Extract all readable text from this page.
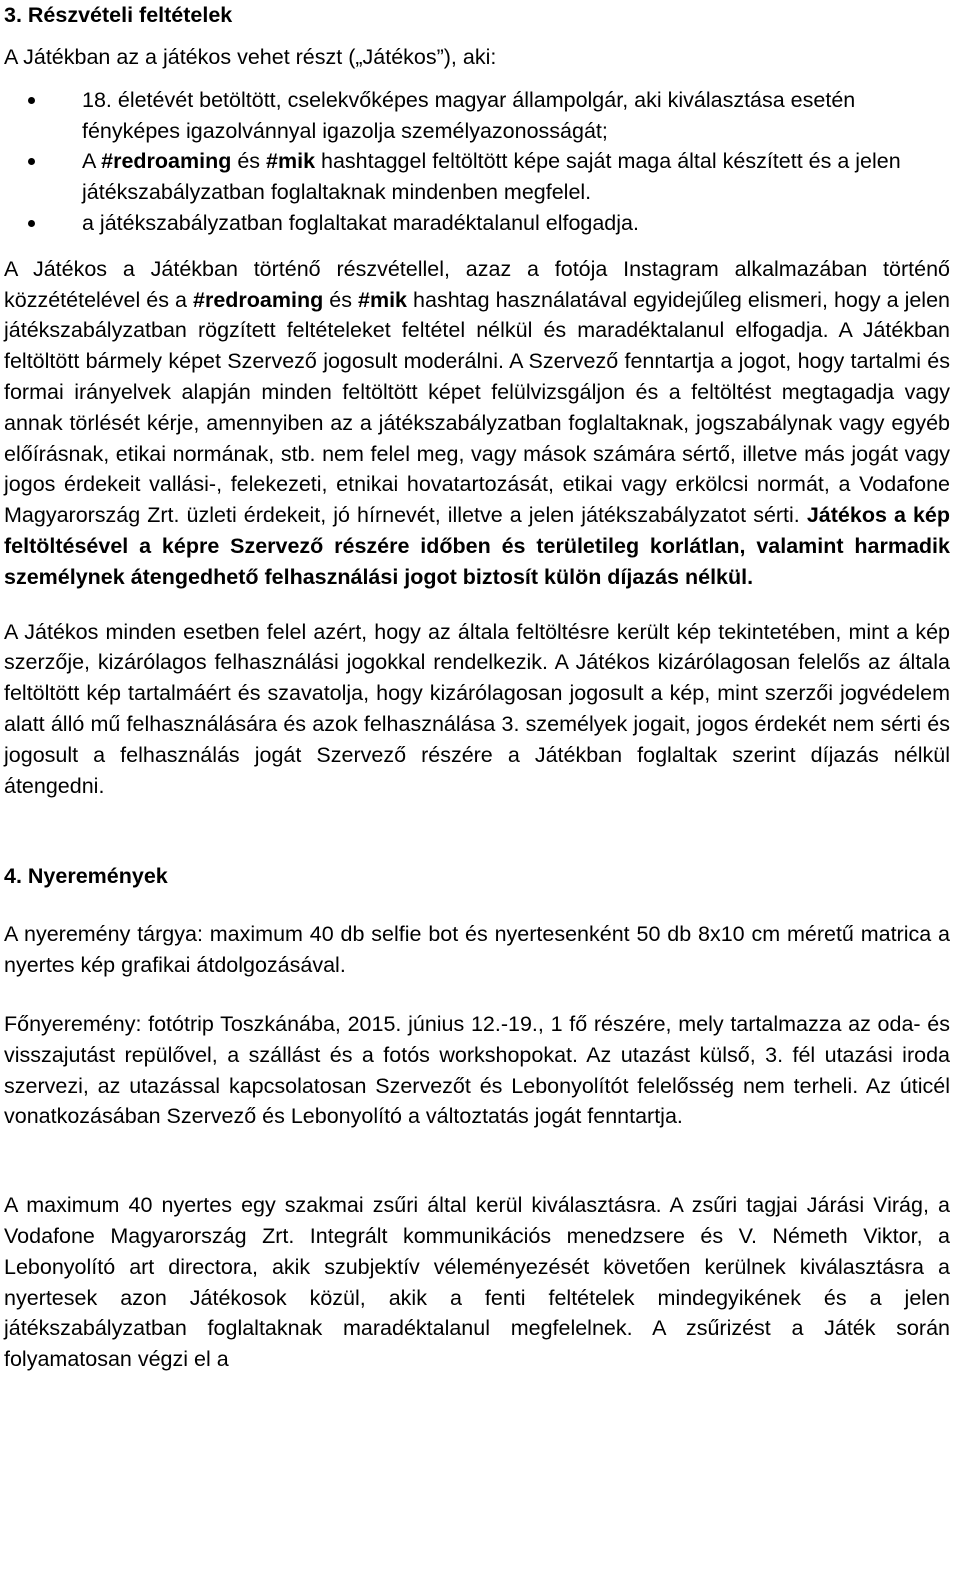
3. Részvételi feltételek

A Játékban az a játékos vehet részt („Játékos”), aki:

18. életévét betöltött, cselekvőképes magyar állampolgár, aki kiválasztása esetén fényképes igazolvánnyal igazolja személyazonosságát;
A #redroaming és #mik hashtaggel feltöltött képe saját maga által készített és a jelen játékszabályzatban foglaltaknak mindenben megfelel.
a játékszabályzatban foglaltakat maradéktalanul elfogadja.

A Játékos a Játékban történő részvétellel, azaz a fotója Instagram alkalmazában történő közzétételével és a #redroaming és #mik hashtag használatával egyidejűleg elismeri, hogy a jelen játékszabályzatban rögzített feltételeket feltétel nélkül és maradéktalanul elfogadja. A Játékban feltöltött bármely képet Szervező jogosult moderálni. A Szervező fenntartja a jogot, hogy tartalmi és formai irányelvek alapján minden feltöltött képet felülvizsgáljon és a feltöltést megtagadja vagy annak törlését kérje, amennyiben az a játékszabályzatban foglaltaknak, jogszabálynak vagy egyéb előírásnak, etikai normának, stb. nem felel meg, vagy mások számára sértő, illetve más jogát vagy jogos érdekeit vallási-, felekezeti, etnikai hovatartozását, etikai vagy erkölcsi normát, a Vodafone Magyarország Zrt. üzleti érdekeit, jó hírnevét, illetve a jelen játékszabályzatot sérti. Játékos a kép feltöltésével a képre Szervező részére időben és területileg korlátlan, valamint harmadik személynek átengedhető felhasználási jogot biztosít külön díjazás nélkül.

A Játékos minden esetben felel azért, hogy az általa feltöltésre került kép tekintetében, mint a kép szerzője, kizárólagos felhasználási jogokkal rendelkezik. A Játékos kizárólagosan felelős az általa feltöltött kép tartalmáért és szavatolja, hogy kizárólagosan jogosult a kép, mint szerzői jogvédelem alatt álló mű felhasználására és azok felhasználása 3. személyek jogait, jogos érdekét nem sérti és jogosult a felhasználás jogát Szervező részére a Játékban foglaltak szerint díjazás nélkül átengedni.

4. Nyeremények

A nyeremény tárgya: maximum 40 db selfie bot és nyertesenként 50 db 8x10 cm méretű matrica a nyertes kép grafikai átdolgozásával.

Főnyeremény: fotótrip Toszkánába, 2015. június 12.-19., 1 fő részére, mely tartalmazza az oda- és visszajutást repülővel, a szállást és a fotós workshopokat. Az utazást külső, 3. fél utazási iroda szervezi, az utazással kapcsolatosan Szervezőt és Lebonyolítót felelősség nem terheli. Az úticél vonatkozásában Szervező és Lebonyolító a változtatás jogát fenntartja.

A maximum 40 nyertes egy szakmai zsűri által kerül kiválasztásra. A zsűri tagjai Járási Virág, a Vodafone Magyarország Zrt. Integrált kommunikációs menedzsere és V. Németh Viktor, a Lebonyolító art directora, akik szubjektív véleményezését követően kerülnek kiválasztásra a nyertesek azon Játékosok közül, akik a fenti feltételek mindegyikének és a jelen játékszabályzatban foglaltaknak maradéktalanul megfelelnek. A zsűrizést a Játék során folyamatosan végzi el a
